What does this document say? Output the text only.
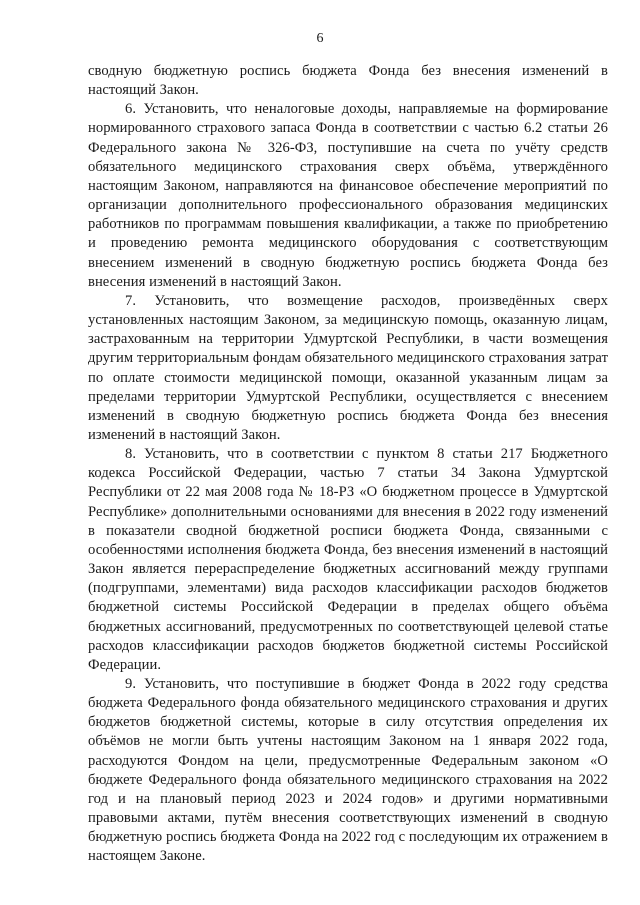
6

сводную бюджетную роспись бюджета Фонда без внесения изменений в настоящий Закон.

6. Установить, что неналоговые доходы, направляемые на формирование нормированного страхового запаса Фонда в соответствии с частью 6.2 статьи 26 Федерального закона № 326-ФЗ, поступившие на счета по учёту средств обязательного медицинского страхования сверх объёма, утверждённого настоящим Законом, направляются на финансовое обеспечение мероприятий по организации дополнительного профессионального образования медицинских работников по программам повышения квалификации, а также по приобретению и проведению ремонта медицинского оборудования с соответствующим внесением изменений в сводную бюджетную роспись бюджета Фонда без внесения изменений в настоящий Закон.

7. Установить, что возмещение расходов, произведённых сверх установленных настоящим Законом, за медицинскую помощь, оказанную лицам, застрахованным на территории Удмуртской Республики, в части возмещения другим территориальным фондам обязательного медицинского страхования затрат по оплате стоимости медицинской помощи, оказанной указанным лицам за пределами территории Удмуртской Республики, осуществляется с внесением изменений в сводную бюджетную роспись бюджета Фонда без внесения изменений в настоящий Закон.

8. Установить, что в соответствии с пунктом 8 статьи 217 Бюджетного кодекса Российской Федерации, частью 7 статьи 34 Закона Удмуртской Республики от 22 мая 2008 года № 18-РЗ «О бюджетном процессе в Удмуртской Республике» дополнительными основаниями для внесения в 2022 году изменений в показатели сводной бюджетной росписи бюджета Фонда, связанными с особенностями исполнения бюджета Фонда, без внесения изменений в настоящий Закон является перераспределение бюджетных ассигнований между группами (подгруппами, элементами) вида расходов классификации расходов бюджетов бюджетной системы Российской Федерации в пределах общего объёма бюджетных ассигнований, предусмотренных по соответствующей целевой статье расходов классификации расходов бюджетов бюджетной системы Российской Федерации.

9. Установить, что поступившие в бюджет Фонда в 2022 году средства бюджета Федерального фонда обязательного медицинского страхования и других бюджетов бюджетной системы, которые в силу отсутствия определения их объёмов не могли быть учтены настоящим Законом на 1 января 2022 года, расходуются Фондом на цели, предусмотренные Федеральным законом «О бюджете Федерального фонда обязательного медицинского страхования на 2022 год и на плановый период 2023 и 2024 годов» и другими нормативными правовыми актами, путём внесения соответствующих изменений в сводную бюджетную роспись бюджета Фонда на 2022 год с последующим их отражением в настоящем Законе.
